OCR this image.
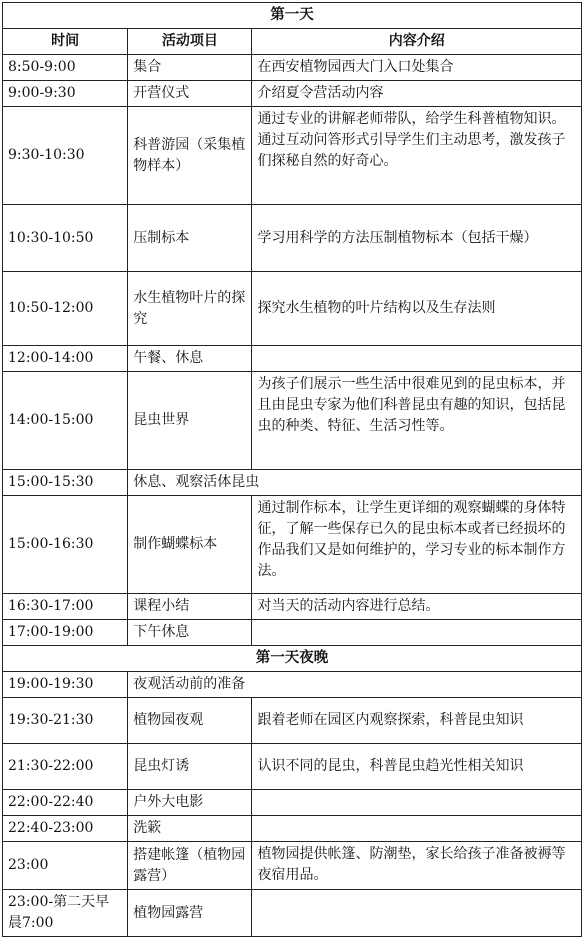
第一天		
时间	活动项目	内容介绍
8:50-9:00	集合	在西安植物园西大门入口处集合
9:00-9:30	开营仪式	介绍夏令营活动内容
9:30-10:30	科普游园（采集植物样本）	通过专业的讲解老师带队，给学生科普植物知识。通过互动问答形式引导学生们主动思考，激发孩子们探秘自然的好奇心。
10:30-10:50	压制标本	学习用科学的方法压制植物标本（包括干燥）
10:50-12:00	水生植物叶片的探究	探究水生植物的叶片结构以及生存法则
12:00-14:00	午餐、休息	
14:00-15:00	昆虫世界	为孩子们展示一些生活中很难见到的昆虫标本，并且由昆虫专家为他们科普昆虫有趣的知识，包括昆虫的种类、特征、生活习性等。
15:00-15:30	休息、观察活体昆虫	
15:00-16:30	制作蝴蝶标本	通过制作标本，让学生更详细的观察蝴蝶的身体特征，了解一些保存已久的昆虫标本或者已经损坏的作品我们又是如何维护的，学习专业的标本制作方法。
16:30-17:00	课程小结	对当天的活动内容进行总结。
17:00-19:00	下午休息	
第一天夜晚		
19:00-19:30	夜观活动前的准备	
19:30-21:30	植物园夜观	跟着老师在园区内观察探索，科普昆虫知识
21:30-22:00	昆虫灯诱	认识不同的昆虫，科普昆虫趋光性相关知识
22:00-22:40	户外大电影	
22:40-23:00	洗簌	
23:00	搭建帐篷（植物园露营）	植物园提供帐篷、防潮垫，家长给孩子准备被褥等夜宿用品。
23:00-第二天早晨7:00	植物园露营	
